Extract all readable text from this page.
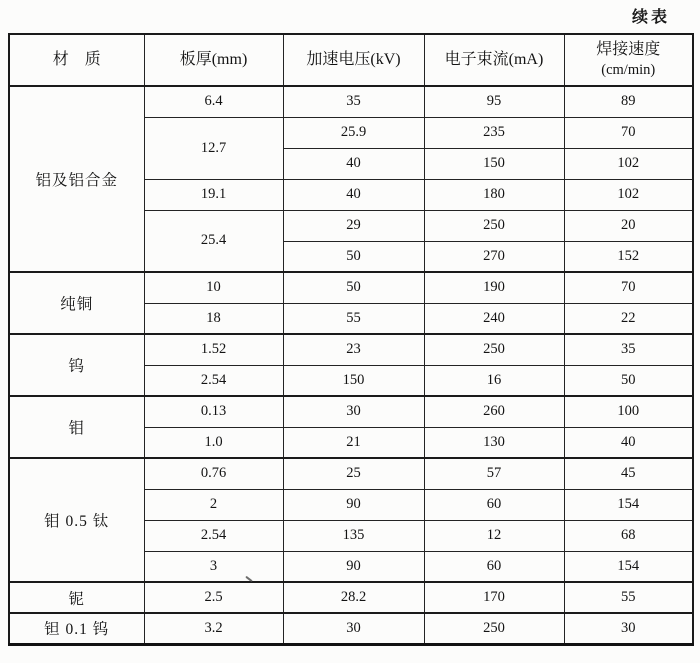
续表
材　质	板厚(mm)	加速电压(kV)	电子束流(mA)	焊接速度
(cm/min)

铝及铝合金	6.4	35	95	89
	12.7	25.9	235	70
		40	150	102
	19.1	40	180	102
	25.4	29	250	20
		50	270	152
纯铜	10	50	190	70
	18	55	240	22
钨	1.52	23	250	35
	2.54	150	16	50
钼	0.13	30	260	100
	1.0	21	130	40
钼 0.5 钛	0.76	25	57	45
	2	90	60	154
	2.54	135	12	68
	3	90	60	154
铌	2.5	28.2	170	55
钽 0.1 钨	3.2	30	250	30
